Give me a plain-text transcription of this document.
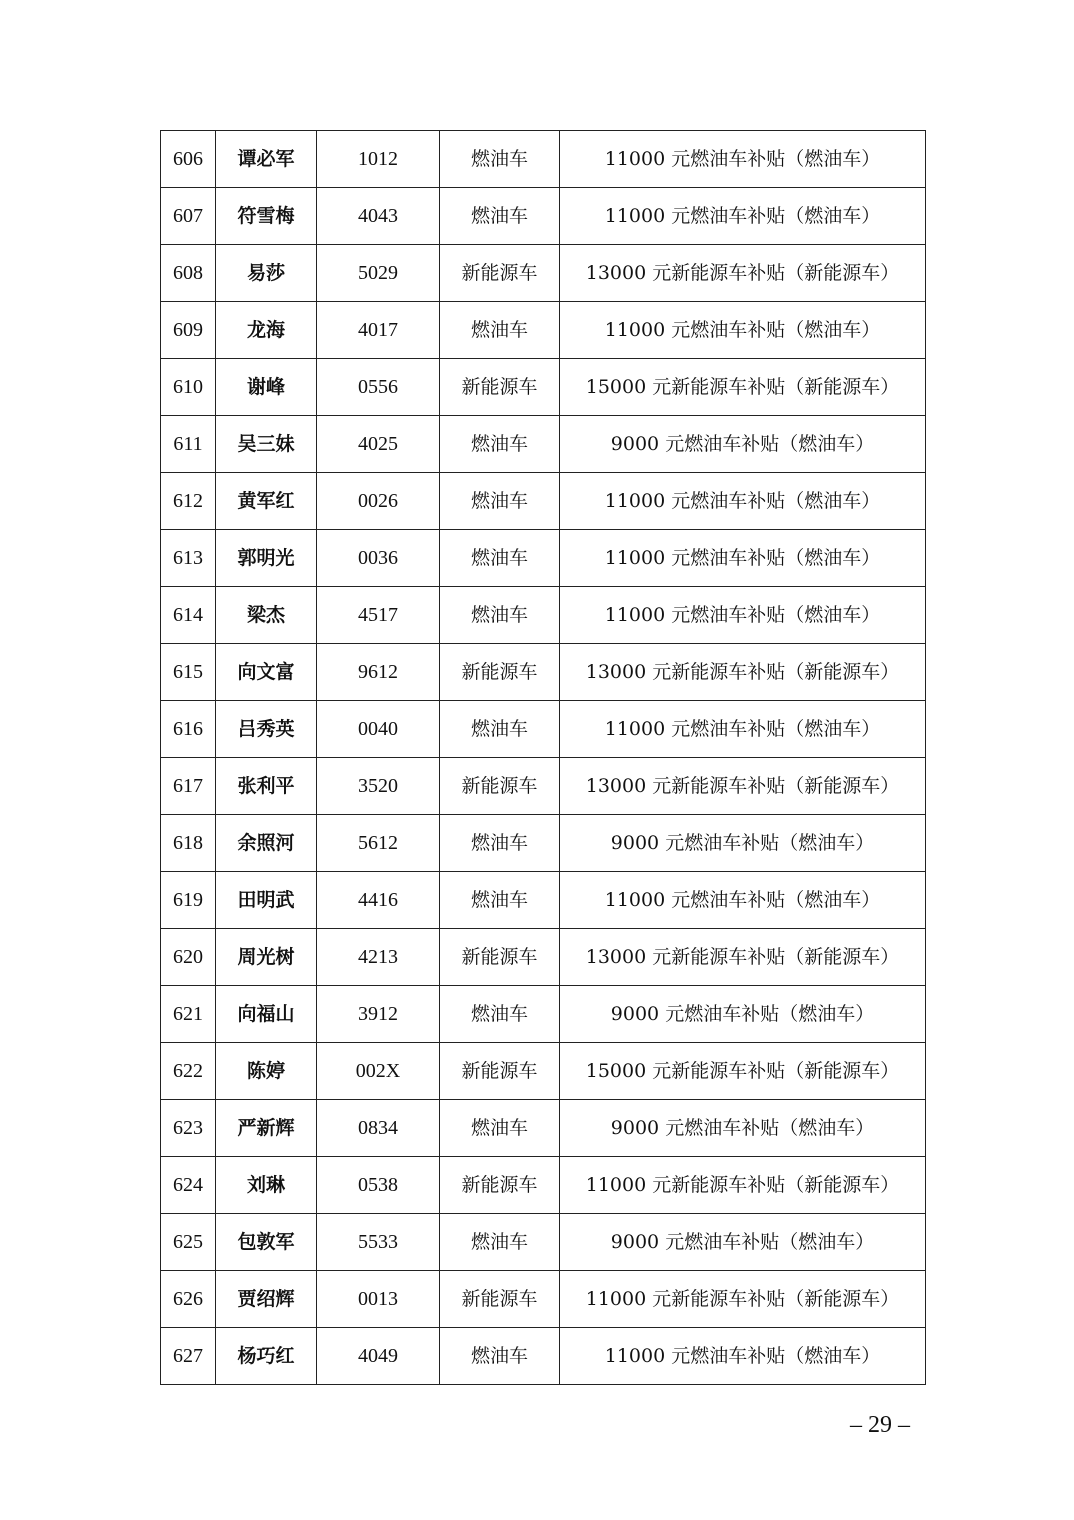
606	谭必军	1012	燃油车	11000 元燃油车补贴（燃油车）
607	符雪梅	4043	燃油车	11000 元燃油车补贴（燃油车）
608	易莎	5029	新能源车	13000 元新能源车补贴（新能源车）
609	龙海	4017	燃油车	11000 元燃油车补贴（燃油车）
610	谢峰	0556	新能源车	15000 元新能源车补贴（新能源车）
611	吴三妹	4025	燃油车	9000 元燃油车补贴（燃油车）
612	黄军红	0026	燃油车	11000 元燃油车补贴（燃油车）
613	郭明光	0036	燃油车	11000 元燃油车补贴（燃油车）
614	梁杰	4517	燃油车	11000 元燃油车补贴（燃油车）
615	向文富	9612	新能源车	13000 元新能源车补贴（新能源车）
616	吕秀英	0040	燃油车	11000 元燃油车补贴（燃油车）
617	张利平	3520	新能源车	13000 元新能源车补贴（新能源车）
618	余照河	5612	燃油车	9000 元燃油车补贴（燃油车）
619	田明武	4416	燃油车	11000 元燃油车补贴（燃油车）
620	周光树	4213	新能源车	13000 元新能源车补贴（新能源车）
621	向福山	3912	燃油车	9000 元燃油车补贴（燃油车）
622	陈婷	002X	新能源车	15000 元新能源车补贴（新能源车）
623	严新辉	0834	燃油车	9000 元燃油车补贴（燃油车）
624	刘琳	0538	新能源车	11000 元新能源车补贴（新能源车）
625	包敦军	5533	燃油车	9000 元燃油车补贴（燃油车）
626	贾绍辉	0013	新能源车	11000 元新能源车补贴（新能源车）
627	杨巧红	4049	燃油车	11000 元燃油车补贴（燃油车）
– 29 –
